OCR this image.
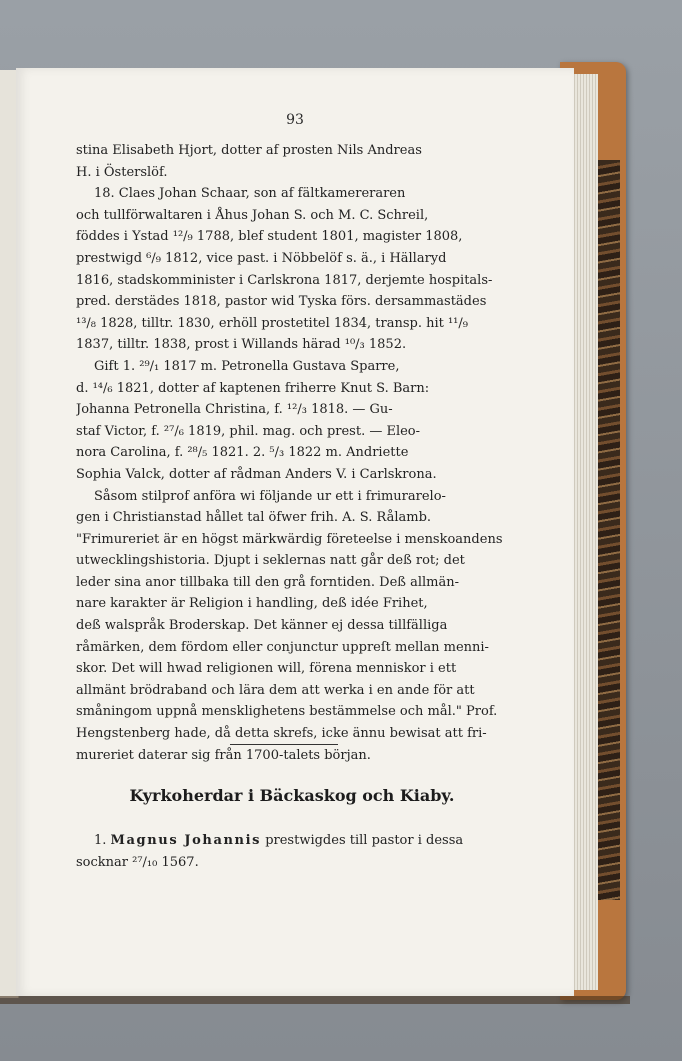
93
stina Elisabeth Hjort, dotter af prosten Nils Andreas
H. i Österslöf.
18. Claes Johan Schaar, son af fältkamereraren
och tullförwaltaren i Åhus Johan S. och M. C. Schreil,
föddes i Ystad ¹²/₉ 1788, blef student 1801, magister 1808,
prestwigd ⁶/₉ 1812, vice past. i Nöbbelöf s. ä., i Hällaryd
1816, stadskomminister i Carlskrona 1817, derjemte hospitals-
pred. derstädes 1818, pastor wid Tyska förs. dersammastädes
¹³/₈ 1828, tilltr. 1830, erhöll prostetitel 1834, transp. hit ¹¹/₉
1837, tilltr. 1838, prost i Willands härad ¹⁰/₃ 1852.
Gift 1. ²⁹/₁ 1817 m. Petronella Gustava Sparre,
d. ¹⁴/₆ 1821, dotter af kaptenen friherre Knut S. Barn:
Johanna Petronella Christina, f. ¹²/₃ 1818. — Gu-
staf Victor, f. ²⁷/₆ 1819, phil. mag. och prest. — Eleo-
nora Carolina, f. ²⁸/₅ 1821. 2. ⁵/₃ 1822 m. Andriette
Sophia Valck, dotter af rådman Anders V. i Carlskrona.
Såsom stilprof anföra wi följande ur ett i frimurarelo-
gen i Christianstad hållet tal öfwer frih. A. S. Rålamb.
"Frimureriet är en högst märkwärdig företeelse i menskoandens
utwecklingshistoria. Djupt i seklernas natt går deß rot; det
leder sina anor tillbaka till den grå forntiden. Deß allmän-
nare karakter är Religion i handling, deß idée Frihet,
deß walspråk Broderskap. Det känner ej dessa tillfälliga
råmärken, dem fördom eller conjunctur uppreſt mellan menni-
skor. Det will hwad religionen will, förena menniskor i ett
allmänt brödraband och lära dem att werka i en ande för att
småningom uppnå mensklighetens bestämmelse och mål." Prof.
Hengstenberg hade, då detta skrefs, icke ännu bewisat att fri-
mureriet daterar sig från 1700-talets början.
Kyrkoherdar i Bäckaskog och Kiaby.
1. Magnus Johannis prestwigdes till pastor i dessa
socknar ²⁷/₁₀ 1567.
